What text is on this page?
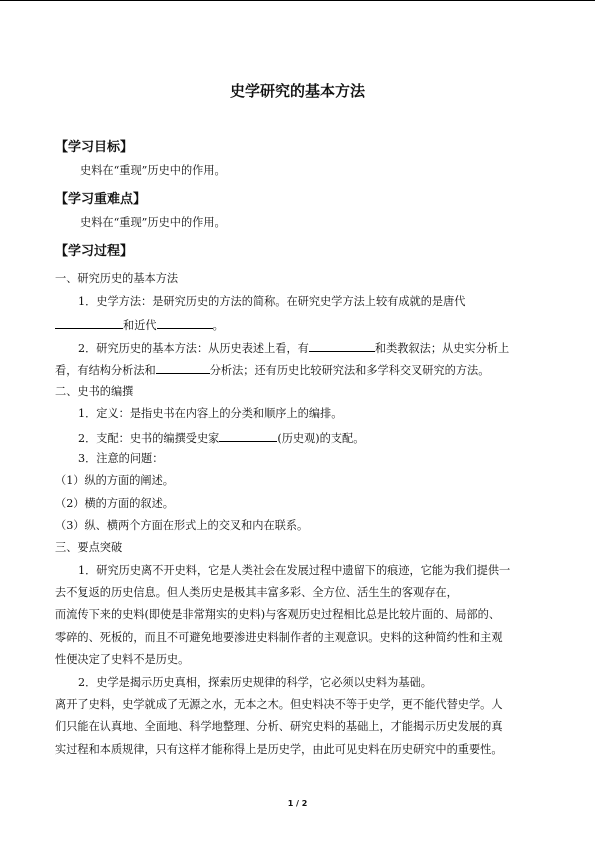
史学研究的基本方法
【学习目标】
史料在“重现”历史中的作用。
【学习重难点】
史料在“重现”历史中的作用。
【学习过程】
一、研究历史的基本方法
1．史学方法：是研究历史的方法的简称。在研究史学方法上较有成就的是唐代
和近代	。
2．研究历史的基本方法：从历史表述上看，有	和类教叙法；从史实分析上
看，有结构分析法和	分析法；还有历史比较研究法和多学科交叉研究的方法。
二、史书的编撰
1．定义：是指史书在内容上的分类和顺序上的编排。
2．支配：史书的编撰受史家	(历史观)的支配。
3．注意的问题：
（1）纵的方面的阐述。
（2）横的方面的叙述。
（3）纵、横两个方面在形式上的交叉和内在联系。
三、要点突破
1．研究历史离不开史料，它是人类社会在发展过程中遗留下的痕迹，它能为我们提供一
去不复返的历史信息。但人类历史是极其丰富多彩、全方位、活生生的客观存在，
而流传下来的史料(即使是非常翔实的史料)与客观历史过程相比总是比较片面的、局部的、
零碎的、死板的，而且不可避免地要渗进史料制作者的主观意识。史料的这种简约性和主观
性便决定了史料不是历史。
2．史学是揭示历史真相，探索历史规律的科学，它必须以史料为基础。
离开了史料，史学就成了无源之水，无本之木。但史料决不等于史学，更不能代替史学。人
们只能在认真地、全面地、科学地整理、分析、研究史料的基础上，才能揭示历史发展的真
实过程和本质规律，只有这样才能称得上是历史学，由此可见史料在历史研究中的重要性。
1 / 2
